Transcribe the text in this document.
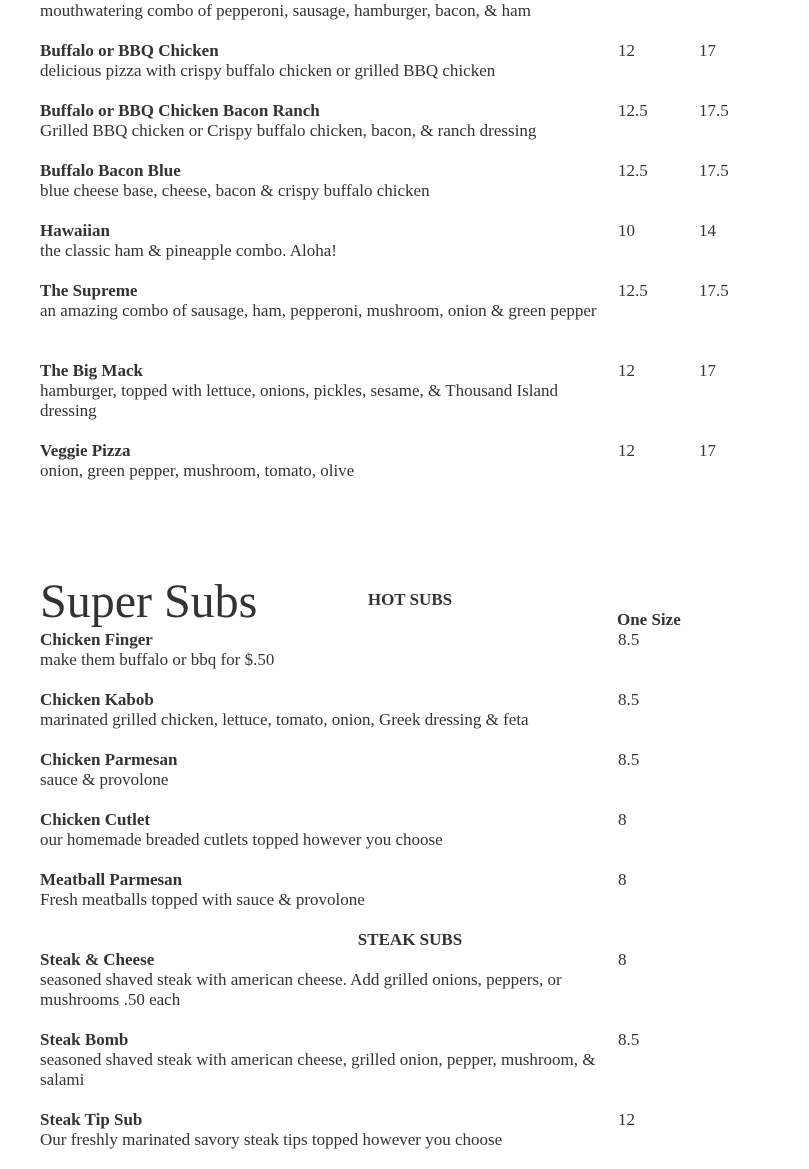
mouthwatering combo of pepperoni, sausage, hamburger, bacon, & ham
Buffalo or BBQ Chicken
delicious pizza with crispy buffalo chicken or grilled BBQ chicken
12	17
Buffalo or BBQ Chicken Bacon Ranch
Grilled BBQ chicken or Crispy buffalo chicken, bacon, & ranch dressing
12.5	17.5
Buffalo Bacon Blue
blue cheese base, cheese, bacon & crispy buffalo chicken
12.5	17.5
Hawaiian
the classic ham & pineapple combo. Aloha!
10	14
The Supreme
an amazing combo of sausage, ham, pepperoni, mushroom, onion & green pepper
12.5	17.5
The Big Mack
hamburger, topped with lettuce, onions, pickles, sesame, & Thousand Island dressing
12	17
Veggie Pizza
onion, green pepper, mushroom, tomato, olive
12	17
Super Subs	HOT SUBS
One Size
Chicken Finger
make them buffalo or bbq for $.50
8.5
Chicken Kabob
marinated grilled chicken, lettuce, tomato, onion, Greek dressing & feta
8.5
Chicken Parmesan
sauce & provolone
8.5
Chicken Cutlet
our homemade breaded cutlets topped however you choose
8
Meatball Parmesan
Fresh meatballs topped with sauce & provolone
8
STEAK SUBS
Steak & Cheese
seasoned shaved steak with american cheese. Add grilled onions, peppers, or mushrooms .50 each
8
Steak Bomb
seasoned shaved steak with american cheese, grilled onion, pepper, mushroom, & salami
8.5
Steak Tip Sub
Our freshly marinated savory steak tips topped however you choose
12
